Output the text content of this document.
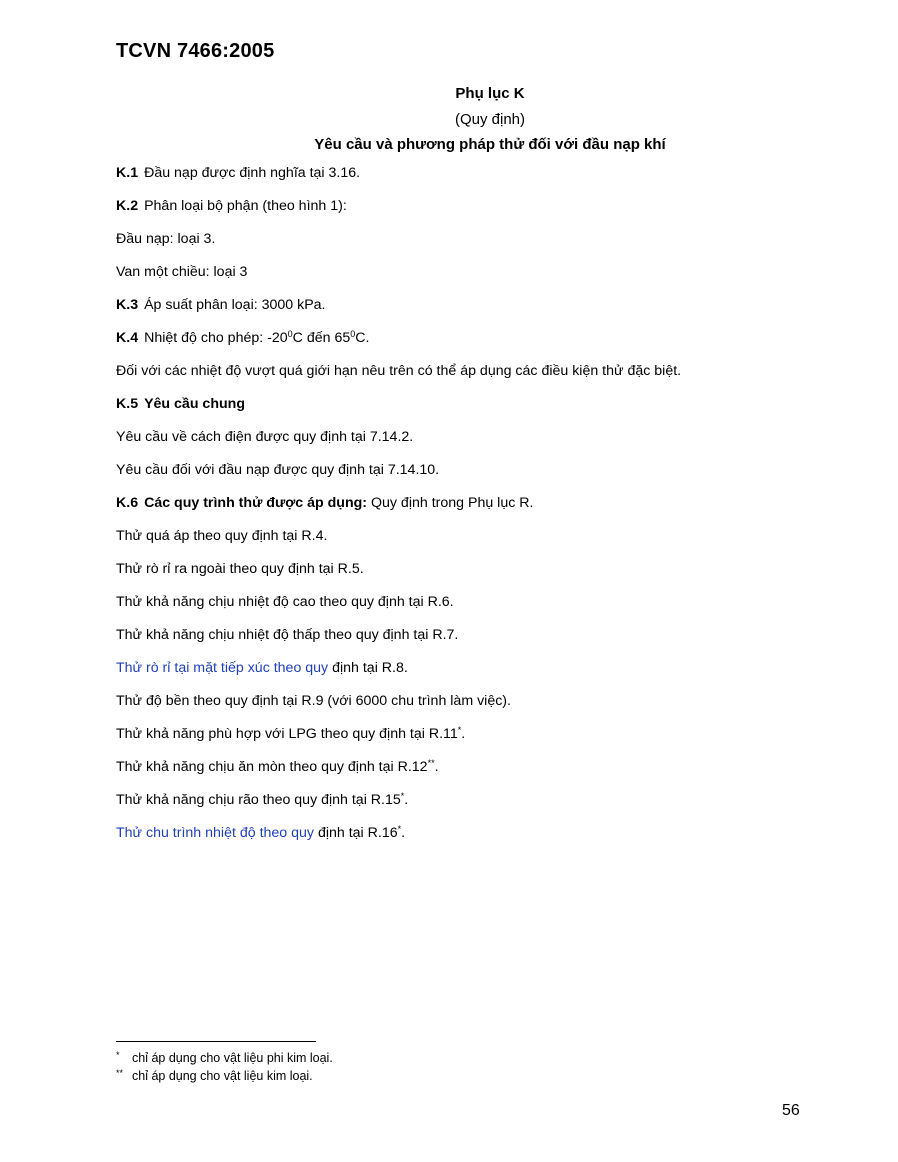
TCVN 7466:2005
Phụ lục K
(Quy định)
Yêu cầu và phương pháp thử đối với đầu nạp khí
K.1 Đầu nạp được định nghĩa tại 3.16.
K.2 Phân loại bộ phận (theo hình 1):
Đầu nạp: loại 3.
Van một chiều: loại 3
K.3 Áp suất phân loại: 3000 kPa.
K.4 Nhiệt độ cho phép: $-20^0C$ đến $65^0C$.
Đối với các nhiệt độ vượt quá giới hạn nêu trên có thể áp dụng các điều kiện thử đặc biệt.
K.5 Yêu cầu chung
Yêu cầu về cách điện được quy định tại 7.14.2.
Yêu cầu đối với đầu nạp được quy định tại 7.14.10.
K.6 Các quy trình thử được áp dụng: Quy định trong Phụ lục R.
Thử quá áp theo quy định tại R.4.
Thử rò rỉ ra ngoài theo quy định tại R.5.
Thử khả năng chịu nhiệt độ cao theo quy định tại R.6.
Thử khả năng chịu nhiệt độ thấp theo quy định tại R.7.
Thử rò rỉ tại mặt tiếp xúc theo quy định tại R.8.
Thử độ bền theo quy định tại R.9 (với 6000 chu trình làm việc).
Thử khả năng phù hợp với LPG theo quy định tại R.11*.
Thử khả năng chịu ăn mòn theo quy định tại R.12**.
Thử khả năng chịu rão theo quy định tại R.15*.
Thử chu trình nhiệt độ theo quy định tại R.16*.
* chỉ áp dụng cho vật liệu phi kim loại.
** chỉ áp dụng cho vật liệu kim loại.
56
